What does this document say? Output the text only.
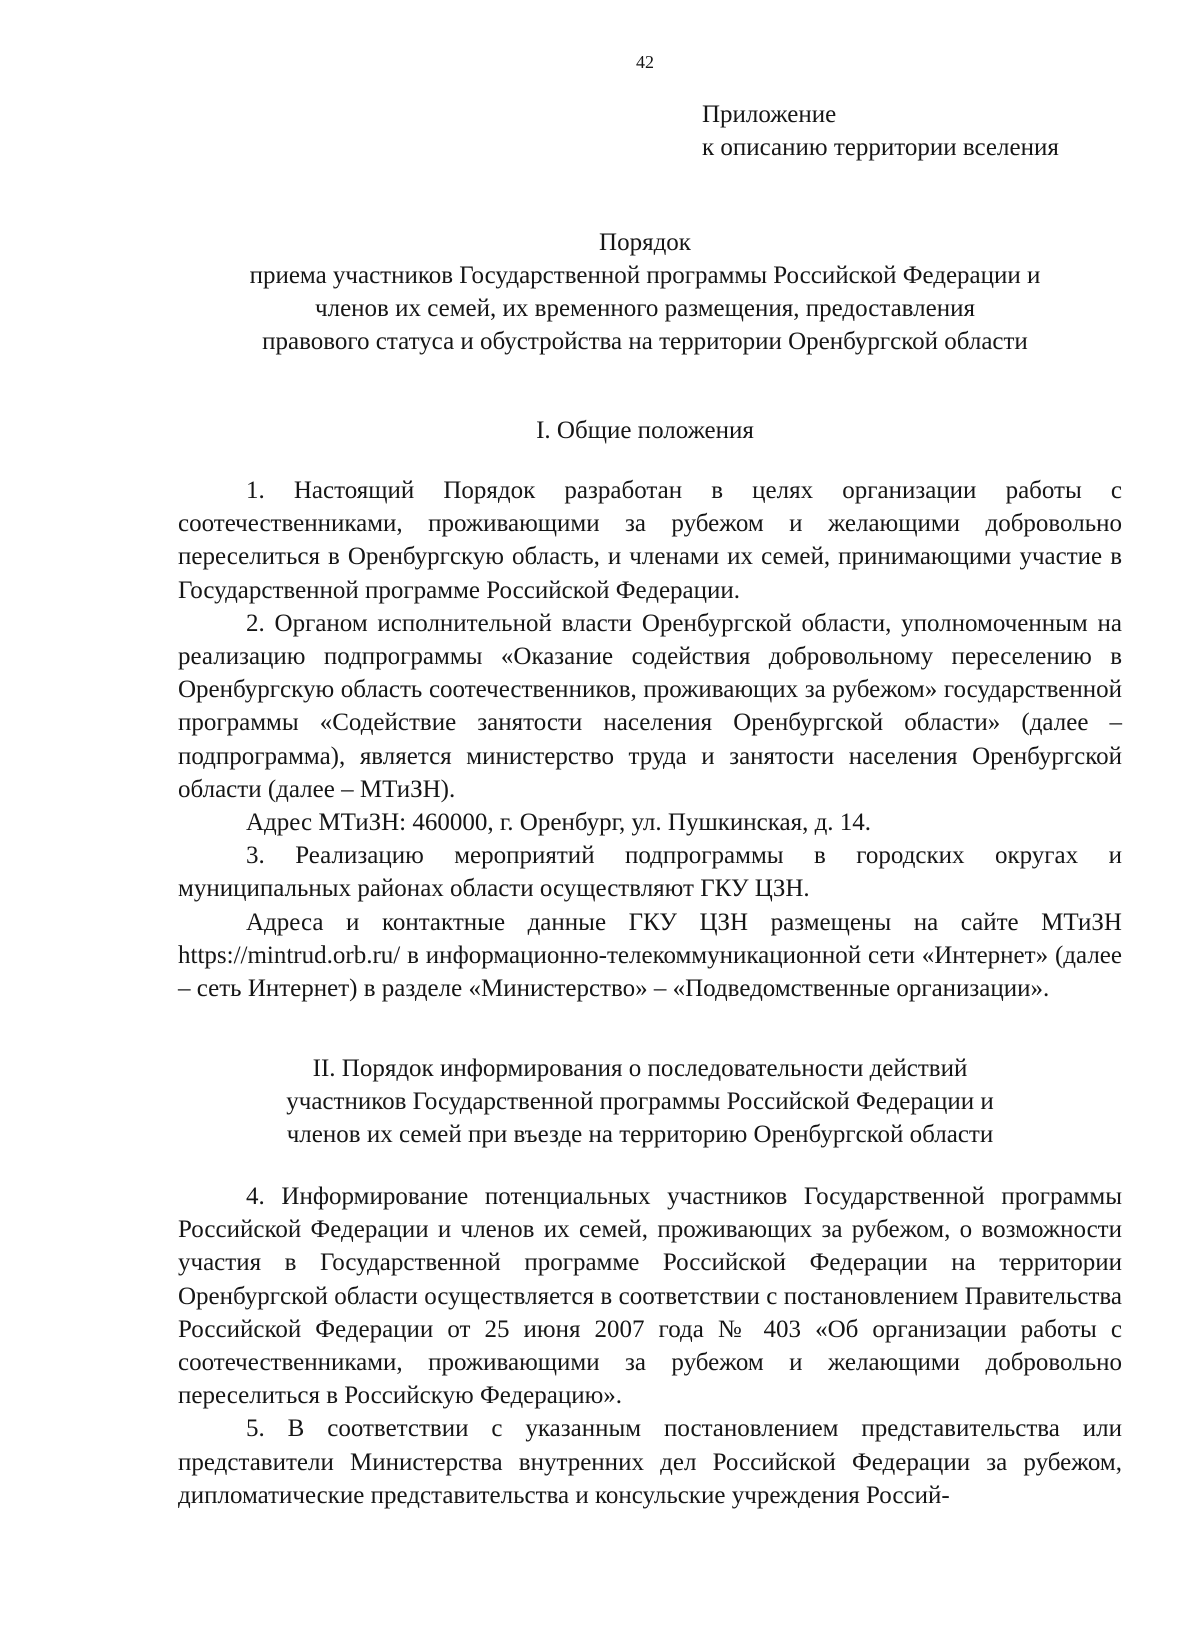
42
Приложение
к описанию территории вселения
Порядок
приема участников Государственной программы Российской Федерации и
членов их семей, их временного размещения, предоставления
правового статуса и обустройства на территории Оренбургской области
I. Общие положения

1. Настоящий Порядок разработан в целях организации работы с соотечественниками, проживающими за рубежом и желающими добровольно переселиться в Оренбургскую область, и членами их семей, принимающими участие в Государственной программе Российской Федерации.

2. Органом исполнительной власти Оренбургской области, уполномоченным на реализацию подпрограммы «Оказание содействия добровольному переселению в Оренбургскую область соотечественников, проживающих за рубежом» государственной программы «Содействие занятости населения Оренбургской области» (далее – подпрограмма), является министерство труда и занятости населения Оренбургской области (далее – МТиЗН).

Адрес МТиЗН: 460000, г. Оренбург, ул. Пушкинская, д. 14.

3. Реализацию мероприятий подпрограммы в городских округах и муниципальных районах области осуществляют ГКУ ЦЗН.

Адреса и контактные данные ГКУ ЦЗН размещены на сайте МТиЗН https://mintrud.orb.ru/ в информационно-телекоммуникационной сети «Интернет» (далее – сеть Интернет) в разделе «Министерство» – «Подведомственные организации».

II. Порядок информирования о последовательности действий
участников Государственной программы Российской Федерации и
членов их семей при въезде на территорию Оренбургской области

4. Информирование потенциальных участников Государственной программы Российской Федерации и членов их семей, проживающих за рубежом, о возможности участия в Государственной программе Российской Федерации на территории Оренбургской области осуществляется в соответствии с постановлением Правительства Российской Федерации от 25 июня 2007 года № 403 «Об организации работы с соотечественниками, проживающими за рубежом и желающими добровольно переселиться в Российскую Федерацию».

5. В соответствии с указанным постановлением представительства или представители Министерства внутренних дел Российской Федерации за рубежом, дипломатические представительства и консульские учреждения Россий-
